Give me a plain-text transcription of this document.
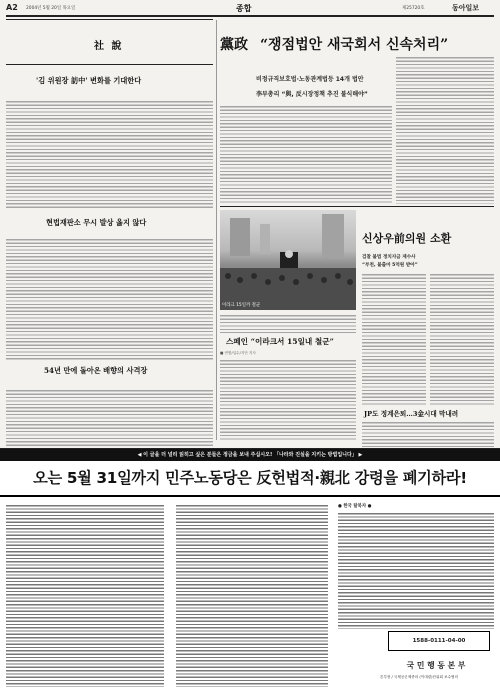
A2 2004년 5월 20일 목요일	종합	제25720호	동아일보
社 說
'김 위원장 訪中' 변화를 기대한다
현법재판소 무시 발상 옳지 않다
54년 만에 돌아온 배향의 사격장
黨政 “쟁점법안 새국회서 신속처리”
비정규직보호법·노동관계법등 14개 법안
李부총리 “與, 反시장정책 추진 불식해야”
이라크 15일까 철군
신상우前의원 소환
검찰 불법 정치자금 재수사
“부천, 불출마 5억원 받아”
스페인 “이라크서 15일내 철군”
■ 연합/입수/지단 지사
JP도 정계은퇴…3金시대 막내려
◀ 이 글을 더 널리 읽히고 싶은 분들은 정금을 보내 주십시오! 「나라와 진실을 지키는 방법입니다」 ▶
오는 5월 31일까지 민주노동당은 反헌법적·親北 강령을 폐기하라!
● 한국 탈북자 ●
1588-0111-04-00
국 민 행 동 본 부
본부장 / 국제공군제중의 (이대령)단위회 보수협의
